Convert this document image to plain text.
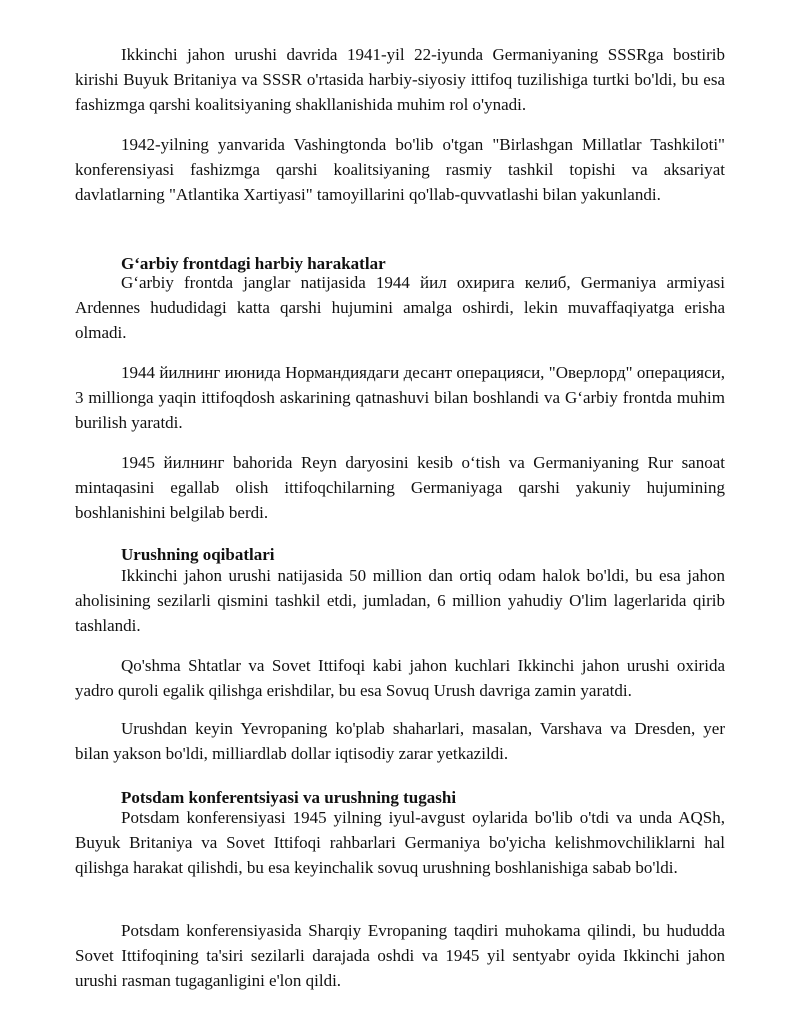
Ikkinchi jahon urushi davrida 1941-yil 22-iyunda Germaniyaning SSSRga bostirib kirishi Buyuk Britaniya va SSSR o'rtasida harbiy-siyosiy ittifoq tuzilishiga turtki bo'ldi, bu esa fashizmga qarshi koalitsiyaning shakllanishida muhim rol o'ynadi.

1942-yilning yanvarida Vashingtonda bo'lib o'tgan "Birlashgan Millatlar Tashkiloti" konferensiyasi fashizmga qarshi koalitsiyaning rasmiy tashkil topishi va aksariyat davlatlarning "Atlantika Xartiyasi" tamoyillarini qo'llab-quvvatlashi bilan yakunlandi.

G‘arbiy frontdagi harbiy harakatlar

G‘arbiy frontda janglar natijasida 1944 йил охирига келиб, Germaniya armiyasi Ardennes hududidagi katta qarshi hujumini amalga oshirdi, lekin muvaffaqiyatga erisha olmadi.

1944 йилнинг июнида Нормандиядаги десант операцияси, "Оверлорд" операцияси, 3 millionga yaqin ittifoqdosh askarining qatnashuvi bilan boshlandi va G‘arbiy frontda muhim burilish yaratdi.

1945 йилнинг bahorida Reyn daryosini kesib o‘tish va Germaniyaning Rur sanoat mintaqasini egallab olish ittifoqchilarning Germaniyaga qarshi yakuniy hujumining boshlanishini belgilab berdi.

Urushning oqibatlari

Ikkinchi jahon urushi natijasida 50 million dan ortiq odam halok bo'ldi, bu esa jahon aholisining sezilarli qismini tashkil etdi, jumladan, 6 million yahudiy O'lim lagerlarida qirib tashlandi.

Qo'shma Shtatlar va Sovet Ittifoqi kabi jahon kuchlari Ikkinchi jahon urushi oxirida yadro quroli egalik qilishga erishdilar, bu esa Sovuq Urush davriga zamin yaratdi.

Urushdan keyin Yevropaning ko'plab shaharlari, masalan, Varshava va Dresden, yer bilan yakson bo'ldi, milliardlab dollar iqtisodiy zarar yetkazildi.

Potsdam konferentsiyasi va urushning tugashi

Potsdam konferensiyasi 1945 yilning iyul-avgust oylarida bo'lib o'tdi va unda AQSh, Buyuk Britaniya va Sovet Ittifoqi rahbarlari Germaniya bo'yicha kelishmovchiliklarni hal qilishga harakat qilishdi, bu esa keyinchalik sovuq urushning boshlanishiga sabab bo'ldi.

Potsdam konferensiyasida Sharqiy Evropaning taqdiri muhokama qilindi, bu hududda Sovet Ittifoqining ta'siri sezilarli darajada oshdi va 1945 yil sentyabr oyida Ikkinchi jahon urushi rasman tugaganligini e'lon qildi.
